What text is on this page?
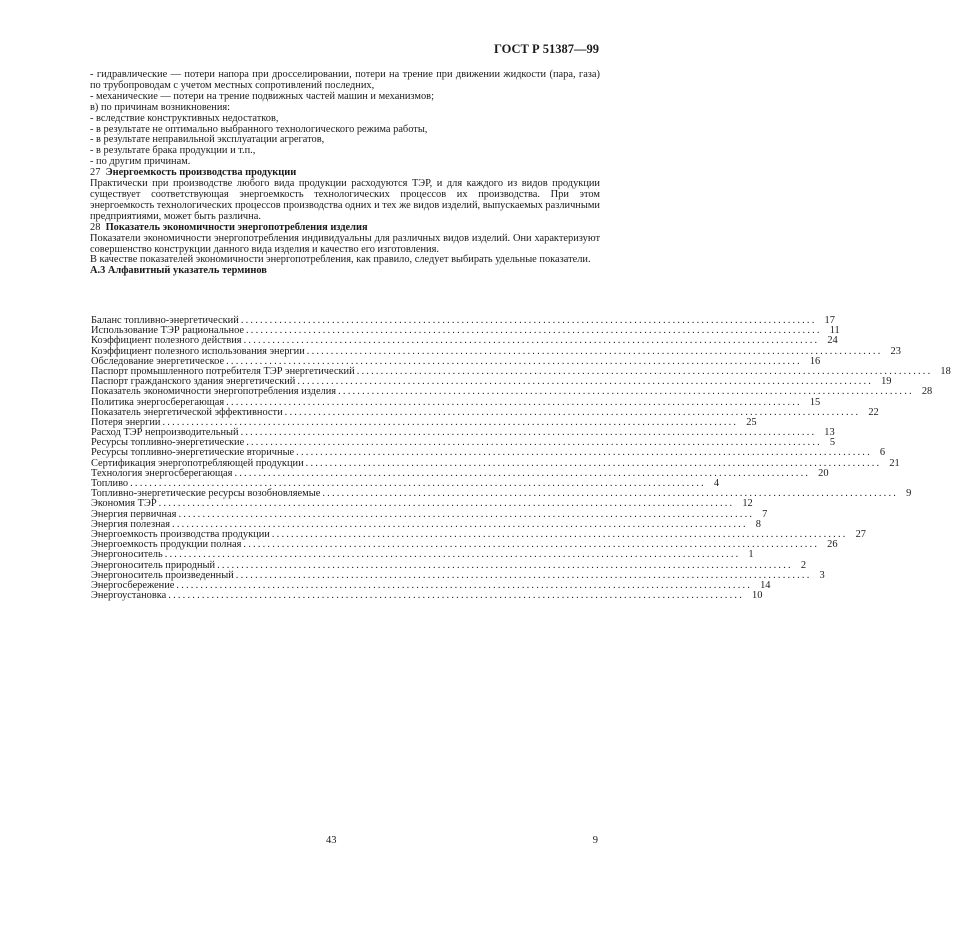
ГОСТ Р 51387—99

- гидравлические — потери напора при дросселировании, потери на трение при движении жидкости (пара, газа) по трубопроводам с учетом местных сопротивлений последних,

- механические — потери на трение подвижных частей машин и механизмов;

в) по причинам возникновения:

- вследствие конструктивных недостатков,

- в результате не оптимально выбранного технологического режима работы,

- в результате неправильной эксплуатации агрегатов,

- в результате брака продукции и т.п.,

- по другим причинам.

27 Энергоемкость производства продукции

Практически при производстве любого вида продукции расходуются ТЭР, и для каждого из видов продукции существует соответствующая энергоемкость технологических процессов их производства. При этом энергоемкость технологических процессов производства одних и тех же видов изделий, выпускаемых различными предприятиями, может быть различна.

28 Показатель экономичности энергопотребления изделия

Показатели экономичности энергопотребления индивидуальны для различных видов изделий. Они характеризуют совершенство конструкции данного вида изделия и качество его изготовления.

В качестве показателей экономичности энергопотребления, как правило, следует выбирать удельные показатели.

А.3 Алфавитный указатель терминов

Баланс топливно-энергетический ........................................................................................................................ 17
Использование ТЭР рациональное ........................................................................................................................ 11
Коэффициент полезного действия ........................................................................................................................ 24
Коэффициент полезного использования энергии ........................................................................................................................ 23
Обследование энергетическое ........................................................................................................................ 16
Паспорт промышленного потребителя ТЭР энергетический ........................................................................................................................ 18
Паспорт гражданского здания энергетический ........................................................................................................................ 19
Показатель экономичности энергопотребления изделия ........................................................................................................................ 28
Политика энергосберегающая ........................................................................................................................ 15
Показатель энергетической эффективности ........................................................................................................................ 22
Потеря энергии ........................................................................................................................ 25
Расход ТЭР непроизводительный ........................................................................................................................ 13
Ресурсы топливно-энергетические ........................................................................................................................ 5
Ресурсы топливно-энергетические вторичные ........................................................................................................................ 6
Сертификация энергопотребляющей продукции ........................................................................................................................ 21
Технология энергосберегающая ........................................................................................................................ 20
Топливо ........................................................................................................................ 4
Топливно-энергетические ресурсы возобновляемые ........................................................................................................................ 9
Экономия ТЭР ........................................................................................................................ 12
Энергия первичная ........................................................................................................................ 7
Энергия полезная ........................................................................................................................ 8
Энергоемкость производства продукции ........................................................................................................................ 27
Энергоемкость продукции полная ........................................................................................................................ 26
Энергоноситель ........................................................................................................................ 1
Энергоноситель природный ........................................................................................................................ 2
Энергоноситель произведенный ........................................................................................................................ 3
Энергосбережение ........................................................................................................................ 14
Энергоустановка ........................................................................................................................ 10
43	9
